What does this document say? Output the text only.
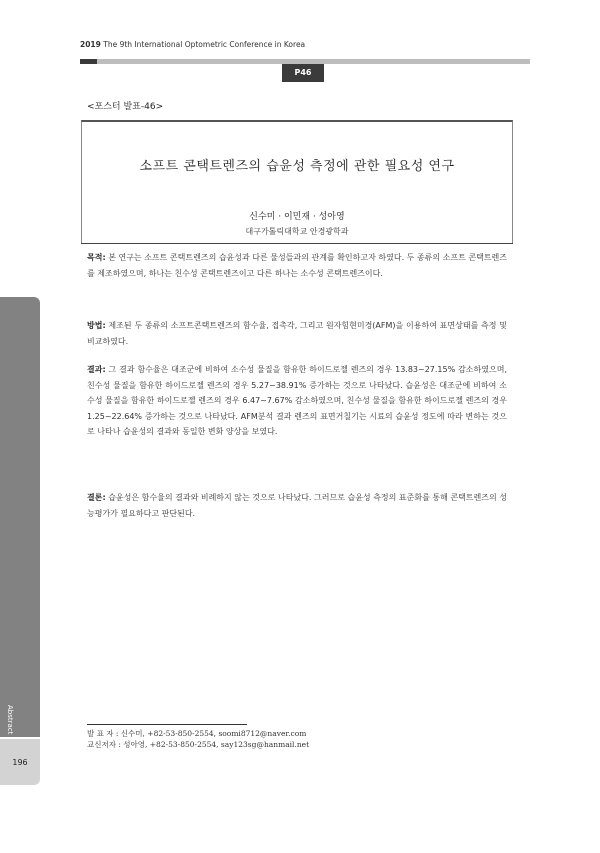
2019 The 9th International Optometric Conference in Korea
P46
<포스터 발표-46>
소프트 콘택트렌즈의 습윤성 측정에 관한 필요성 연구
신수미 · 이민재 · 성아영
대구가톨릭대학교 안경광학과
목적: 본 연구는 소프트 콘택트렌즈의 습윤성과 다른 물성들과의 관계를 확인하고자 하였다. 두 종류의 소프트 콘택트렌즈를 제조하였으며, 하나는 친수성 콘택트렌즈이고 다른 하나는 소수성 콘택트렌즈이다.
방법: 제조된 두 종류의 소프트콘택트렌즈의 함수율, 접촉각, 그리고 원자힘현미경(AFM)을 이용하여 표면상태를 측정 및 비교하였다.
결과: 그 결과 함수율은 대조군에 비하여 소수성 물질을 함유한 하이드로젤 렌즈의 경우 13.83~27.15% 감소하였으며, 친수성 물질을 함유한 하이드로젤 렌즈의 경우 5.27~38.91% 증가하는 것으로 나타났다. 습윤성은 대조군에 비하여 소수성 물질을 함유한 하이드로젤 렌즈의 경우 6.47~7.67% 감소하였으며, 친수성 물질을 함유한 하이드로젤 렌즈의 경우 1.25~22.64% 증가하는 것으로 나타났다. AFM분석 결과 렌즈의 표면거칠기는 시료의 습윤성 정도에 따라 변하는 것으로 나타나 습윤성의 결과와 동일한 변화 양상을 보였다.
결론: 습윤성은 함수율의 결과와 비례하지 않는 것으로 나타났다. 그러므로 습윤성 측정의 표준화를 통해 콘택트렌즈의 성능평가가 필요하다고 판단된다.
Abstract
196
발 표 자 : 신수미, +82-53-850-2554, soomi8712@naver.com
교신저자 : 성아영, +82-53-850-2554, say123sg@hanmail.net
